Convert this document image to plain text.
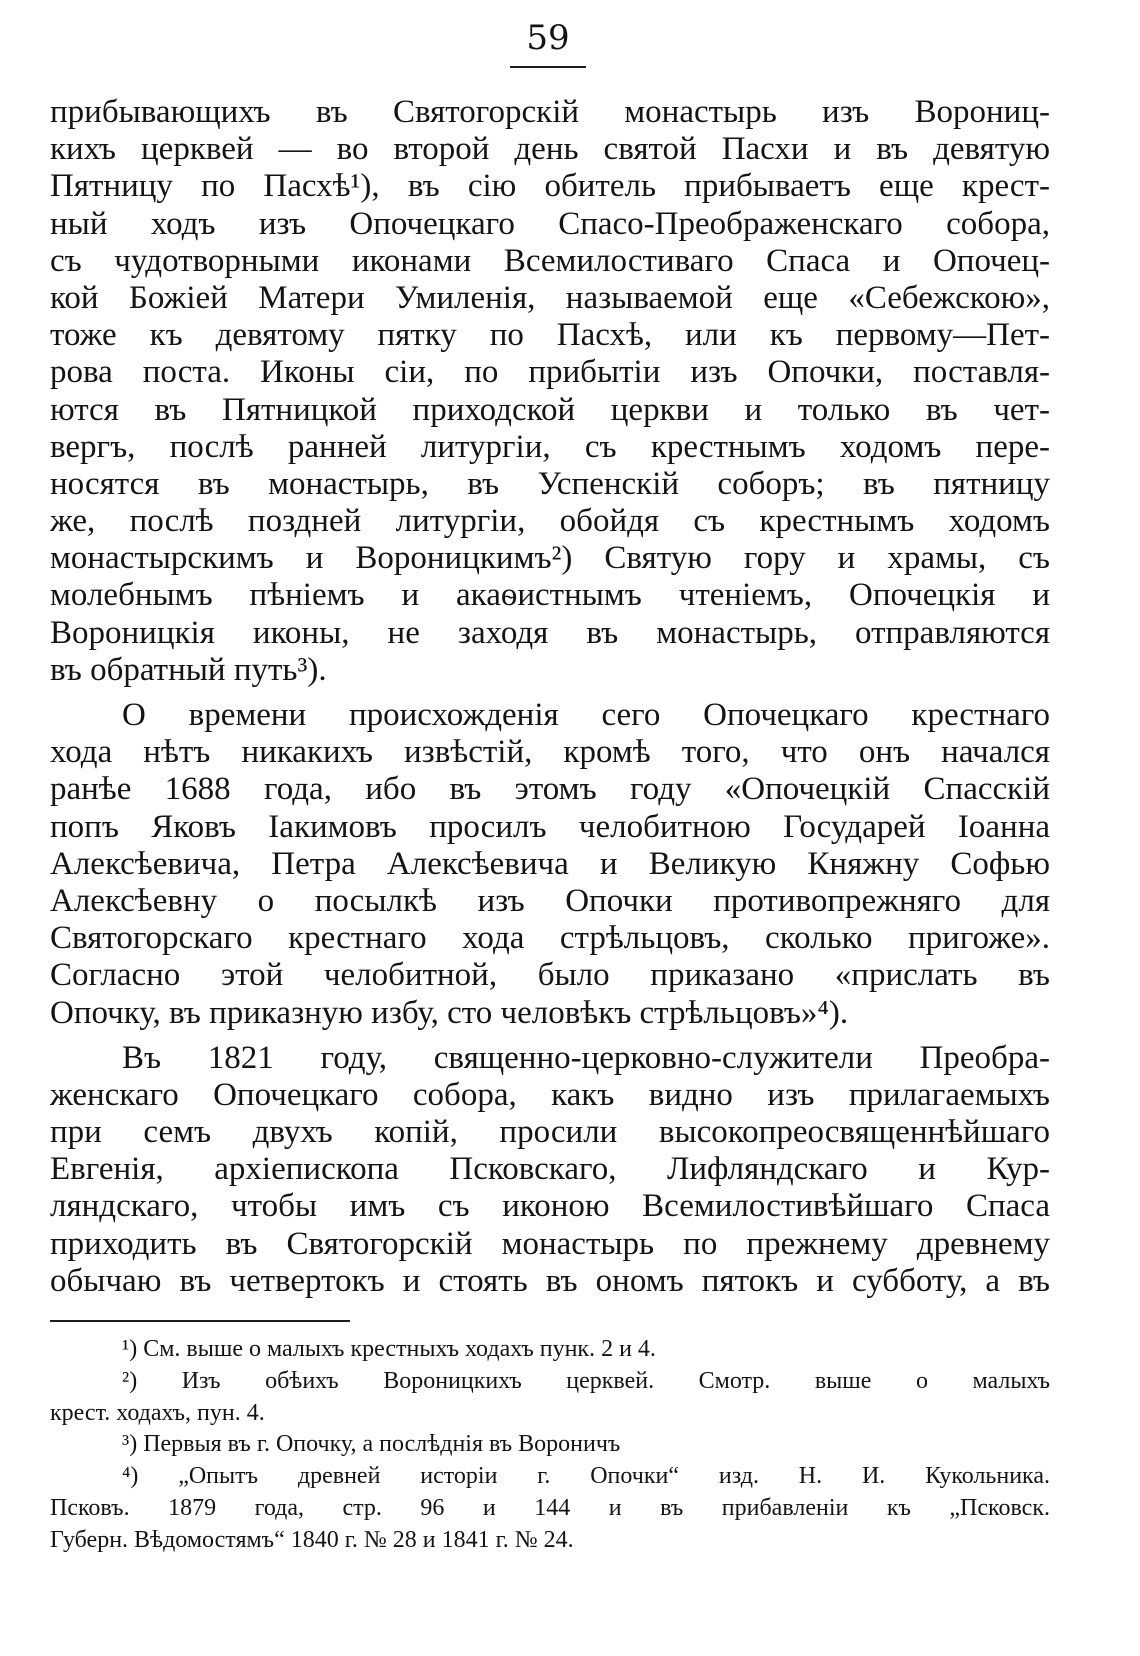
59
прибывающихъ въ Святогорскій монастырь изъ Ворониц-
кихъ церквей — во второй день святой Пасхи и въ девятую
Пятницу по Пасхѣ¹), въ сію обитель прибываетъ еще крест-
ный ходъ изъ Опочецкаго Спасо-Преображенскаго собора,
съ чудотворными иконами Всемилостиваго Спаса и Опочец-
кой Божіей Матери Умиленія, называемой еще «Себежскою»,
тоже къ девятому пятку по Пасхѣ, или къ первому—Пет-
рова поста. Иконы сіи, по прибытіи изъ Опочки, поставля-
ются въ Пятницкой приходской церкви и только въ чет-
вергъ, послѣ ранней литургіи, съ крестнымъ ходомъ пере-
носятся въ монастырь, въ Успенскій соборъ; въ пятницу
же, послѣ поздней литургіи, обойдя съ крестнымъ ходомъ
монастырскимъ и Вороницкимъ²) Святую гору и храмы, съ
молебнымъ пѣніемъ и акаѳистнымъ чтеніемъ, Опочецкія и
Вороницкія иконы, не заходя въ монастырь, отправляются
въ обратный путь³).
О времени происхожденія сего Опочецкаго крестнаго
хода нѣтъ никакихъ извѣстій, кромѣ того, что онъ начался
ранѣе 1688 года, ибо въ этомъ году «Опочецкій Спасскій
попъ Яковъ Іакимовъ просилъ челобитною Государей Іоанна
Алексѣевича, Петра Алексѣевича и Великую Княжну Софью
Алексѣевну о посылкѣ изъ Опочки противопрежняго для
Святогорскаго крестнаго хода стрѣльцовъ, сколько пригоже».
Согласно этой челобитной, было приказано «прислать въ
Опочку, въ приказную избу, сто человѣкъ стрѣльцовъ»⁴).
Въ 1821 году, священно-церковно-служители Преобра-
женскаго Опочецкаго собора, какъ видно изъ прилагаемыхъ
при семъ двухъ копій, просили высокопреосвященнѣйшаго
Евгенія, архіепископа Псковскаго, Лифляндскаго и Кур-
ляндскаго, чтобы имъ съ иконою Всемилостивѣйшаго Спаса
приходить въ Святогорскій монастырь по прежнему древнему
обычаю въ четвертокъ и стоять въ ономъ пятокъ и субботу, а въ
¹) См. выше о малыхъ крестныхъ ходахъ пунк. 2 и 4.
²) Изъ обѣихъ Вороницкихъ церквей. Смотр. выше о малыхъ
крест. ходахъ, пун. 4.
³) Первыя въ г. Опочку, а послѣднія въ Вороничъ
⁴) „Опытъ древней исторіи г. Опочки“ изд. Н. И. Кукольника.
Псковъ. 1879 года, стр. 96 и 144 и въ прибавленіи къ „Псковск.
Губерн. Вѣдомостямъ“ 1840 г. № 28 и 1841 г. № 24.
